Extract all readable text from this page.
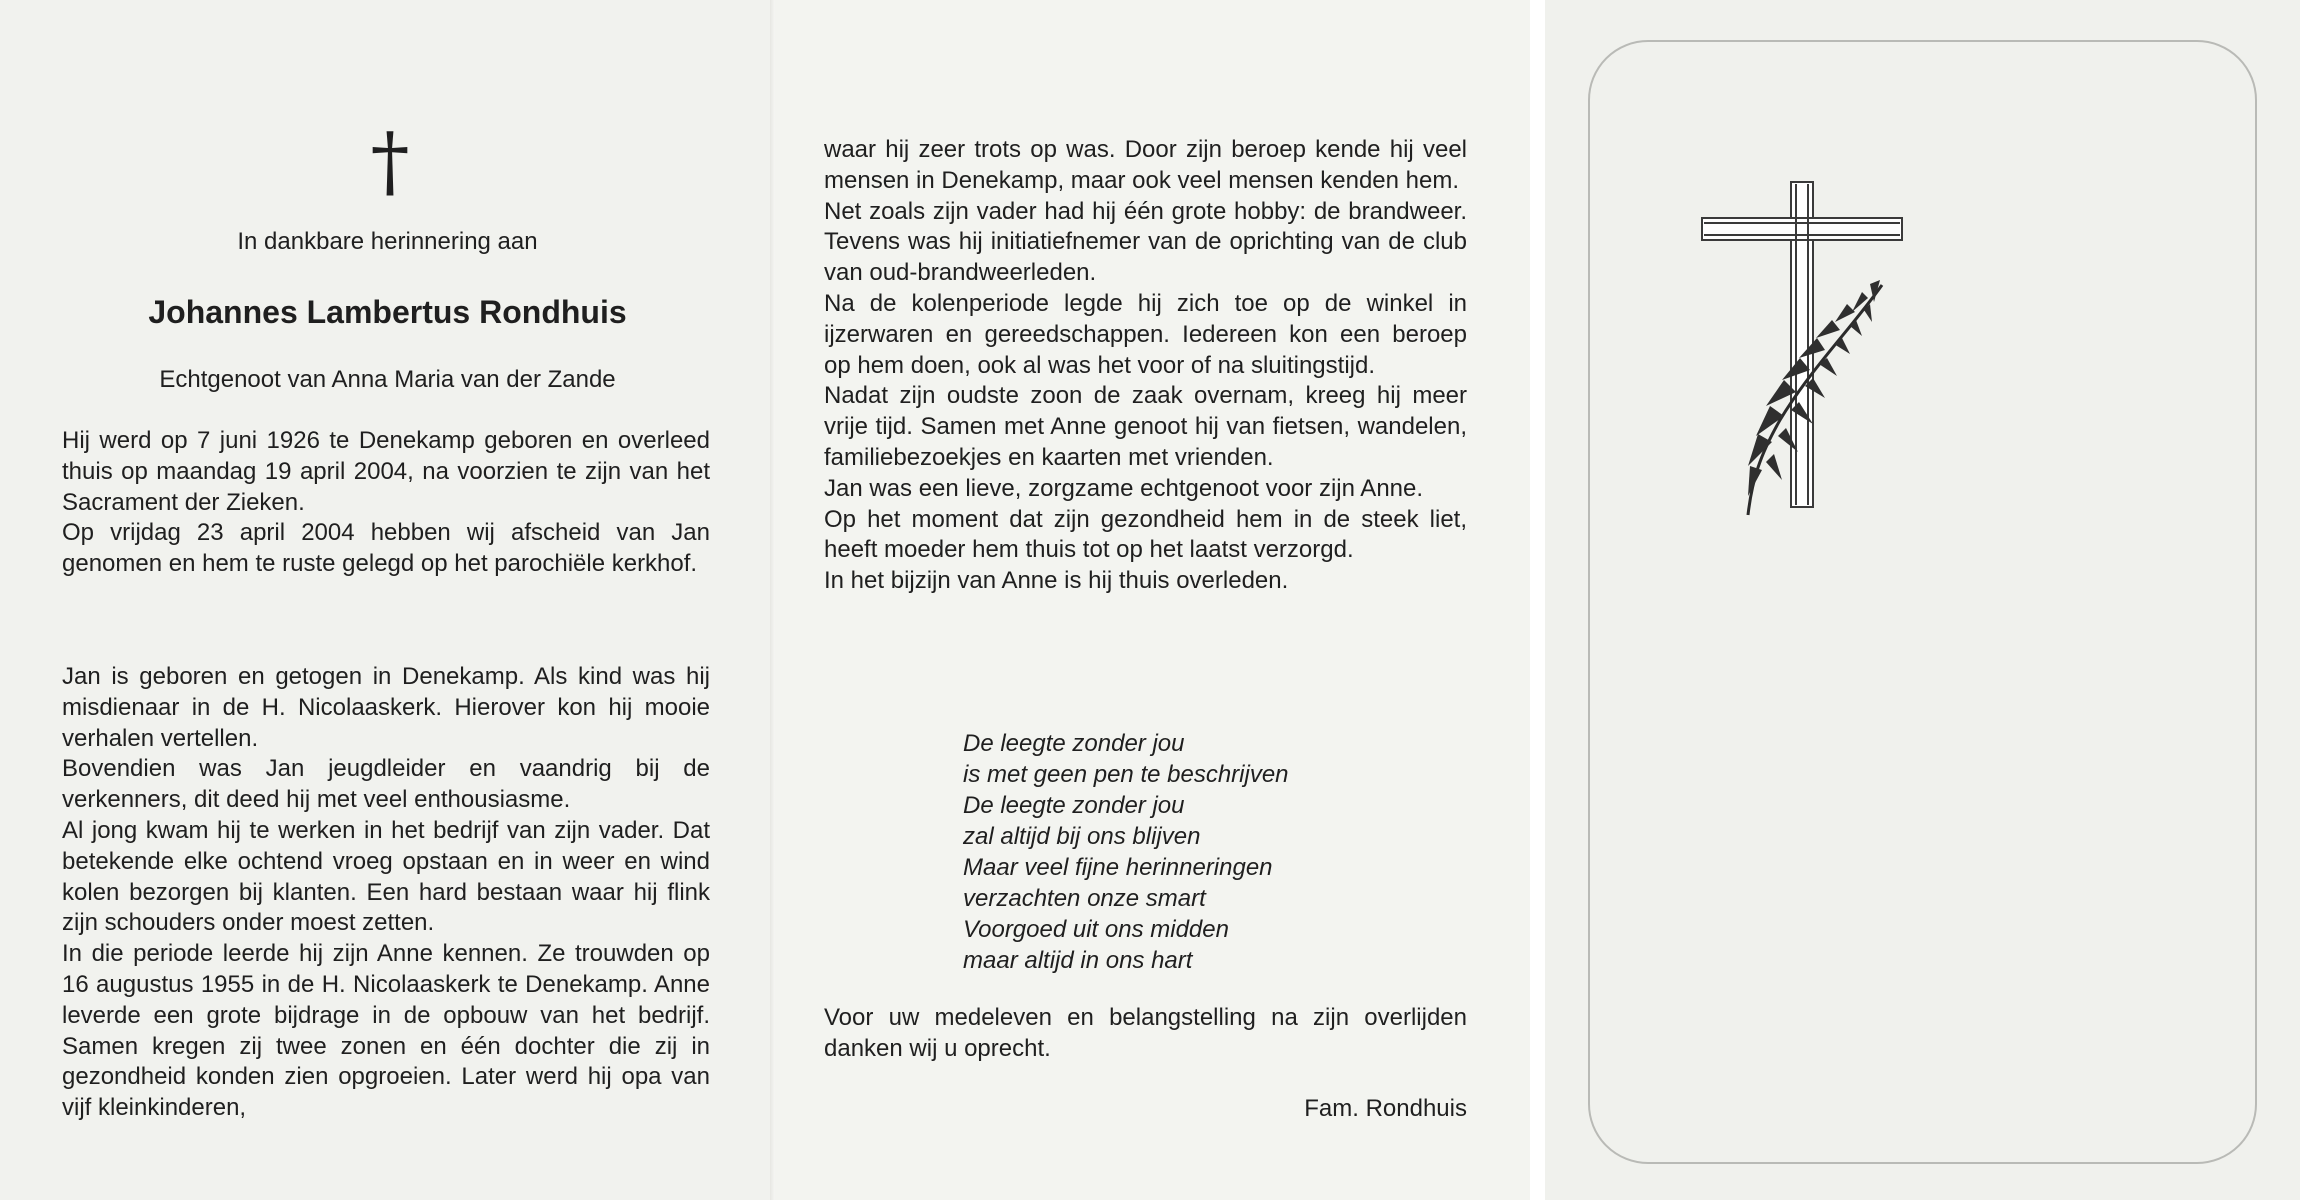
†
In dankbare herinnering aan
Johannes Lambertus Rondhuis
Echtgenoot van Anna Maria van der Zande
Hij werd op 7 juni 1926 te Denekamp geboren en overleed thuis op maandag 19 april 2004, na voorzien te zijn van het Sacrament der Zieken.
Op vrijdag 23 april 2004 hebben wij afscheid van Jan genomen en hem te ruste gelegd op het parochiële kerkhof.
Jan is geboren en getogen in Denekamp. Als kind was hij misdienaar in de H. Nicolaaskerk. Hierover kon hij mooie verhalen vertellen.
Bovendien was Jan jeugdleider en vaandrig bij de verkenners, dit deed hij met veel enthousiasme.
Al jong kwam hij te werken in het bedrijf van zijn vader. Dat betekende elke ochtend vroeg opstaan en in weer en wind kolen bezorgen bij klanten. Een hard bestaan waar hij flink zijn schouders onder moest zetten.
In die periode leerde hij zijn Anne kennen. Ze trouwden op 16 augustus 1955 in de H. Nicolaaskerk te Denekamp. Anne leverde een grote bijdrage in de opbouw van het bedrijf. Samen kregen zij twee zonen en één dochter die zij in gezondheid konden zien opgroeien. Later werd hij opa van vijf kleinkinderen,
waar hij zeer trots op was. Door zijn beroep kende hij veel mensen in Denekamp, maar ook veel mensen kenden hem.
Net zoals zijn vader had hij één grote hobby: de brandweer. Tevens was hij initiatiefnemer van de oprichting van de club van oud-brandweerleden.
Na de kolenperiode legde hij zich toe op de winkel in ijzerwaren en gereedschappen. Iedereen kon een beroep op hem doen, ook al was het voor of na sluitingstijd.
Nadat zijn oudste zoon de zaak overnam, kreeg hij meer vrije tijd. Samen met Anne genoot hij van fietsen, wandelen, familiebezoekjes en kaarten met vrienden.
Jan was een lieve, zorgzame echtgenoot voor zijn Anne.
Op het moment dat zijn gezondheid hem in de steek liet, heeft moeder hem thuis tot op het laatst verzorgd.
In het bijzijn van Anne is hij thuis overleden.
De leegte zonder jou
is met geen pen te beschrijven
De leegte zonder jou
zal altijd bij ons blijven
Maar veel fijne herinneringen
verzachten onze smart
Voorgoed uit ons midden
maar altijd in ons hart
Voor uw medeleven en belangstelling na zijn overlijden danken wij u oprecht.
Fam. Rondhuis
